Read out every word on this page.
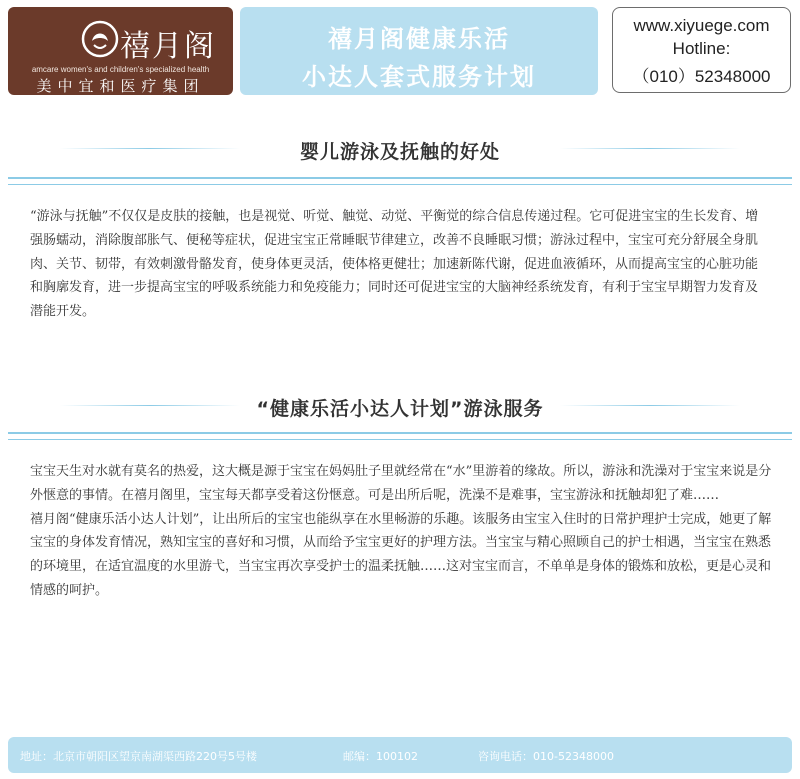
禧月阁
amcare women's and children's specialized health
美中宜和医疗集团
禧月阁健康乐活
小达人套式服务计划
www.xiyuege.com
Hotline:
（010）52348000
婴儿游泳及抚触的好处
“游泳与抚触”不仅仅是皮肤的接触，也是视觉、听觉、触觉、动觉、平衡觉的综合信息传递过程。它可促进宝宝的生长发育、增强肠蠕动，消除腹部胀气、便秘等症状，促进宝宝正常睡眠节律建立，改善不良睡眠习惯；游泳过程中，宝宝可充分舒展全身肌肉、关节、韧带，有效刺激骨骼发育，使身体更灵活，使体格更健壮；加速新陈代谢，促进血液循环，从而提高宝宝的心脏功能和胸廓发育，进一步提高宝宝的呼吸系统能力和免疫能力；同时还可促进宝宝的大脑神经系统发育，有利于宝宝早期智力发育及潜能开发。
“健康乐活小达人计划”游泳服务
宝宝天生对水就有莫名的热爱，这大概是源于宝宝在妈妈肚子里就经常在“水”里游着的缘故。所以，游泳和洗澡对于宝宝来说是分外惬意的事情。在禧月阁里，宝宝每天都享受着这份惬意。可是出所后呢，洗澡不是难事，宝宝游泳和抚触却犯了难……
禧月阁“健康乐活小达人计划”，让出所后的宝宝也能纵享在水里畅游的乐趣。该服务由宝宝入住时的日常护理护士完成，她更了解宝宝的身体发育情况，熟知宝宝的喜好和习惯，从而给予宝宝更好的护理方法。当宝宝与精心照顾自己的护士相遇，当宝宝在熟悉的环境里，在适宜温度的水里游弋，当宝宝再次享受护士的温柔抚触……这对宝宝而言，不单单是身体的锻炼和放松，更是心灵和情感的呵护。
地址：北京市朝阳区望京南湖渠西路220号5号楼	邮编：100102	咨询电话：010-52348000
